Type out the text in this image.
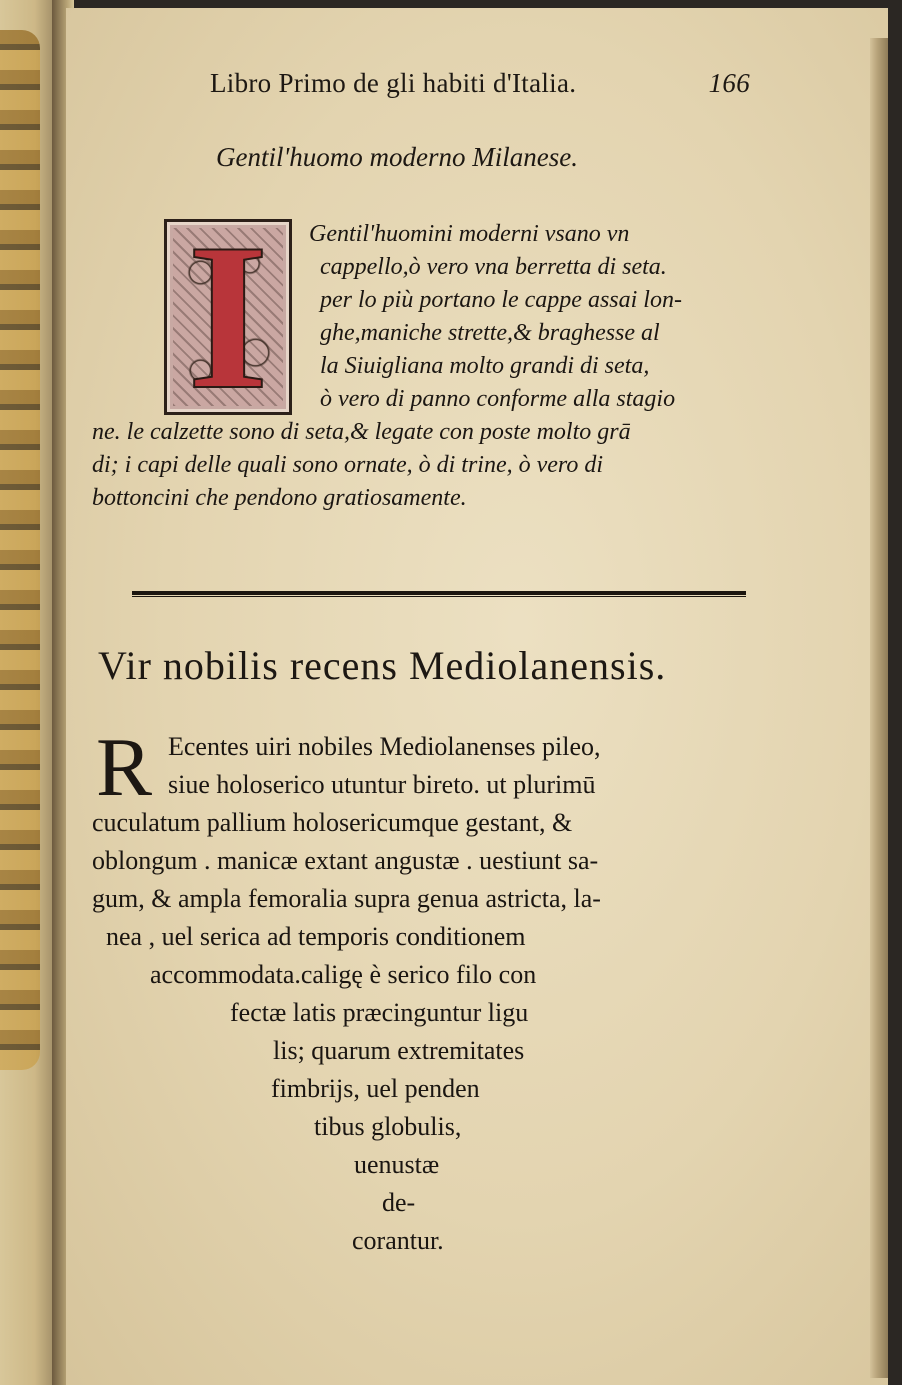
Libro Primo de gli habiti d'Italia.	166
Gentil'huomo moderno Milanese.
I	Gentil'huomini moderni vsano vn
cappello,ò vero vna berretta di seta.
per lo più portano le cappe assai lon-
ghe,maniche strette,& braghesse al
la Siuigliana molto grandi di seta,
ò vero di panno conforme alla stagio
ne. le calzette sono di seta,& legate con poste molto grā
di; i capi delle quali sono ornate, ò di trine, ò vero di
bottoncini che pendono gratiosamente.
Vir nobilis recens Mediolanensis.
R Ecentes uiri nobiles Mediolanenses pileo,
siue holoserico utuntur bireto. ut plurimū
cuculatum pallium holosericumque gestant, &
oblongum . manicæ extant angustæ . uestiunt sa-
gum, & ampla femoralia supra genua astricta, la-
nea , uel serica ad temporis conditionem
accommodata.caligę è serico filo con
fectæ latis præcinguntur ligu
lis; quarum extremitates
fimbrijs, uel penden
tibus globulis,
uenustæ
de-
corantur.
